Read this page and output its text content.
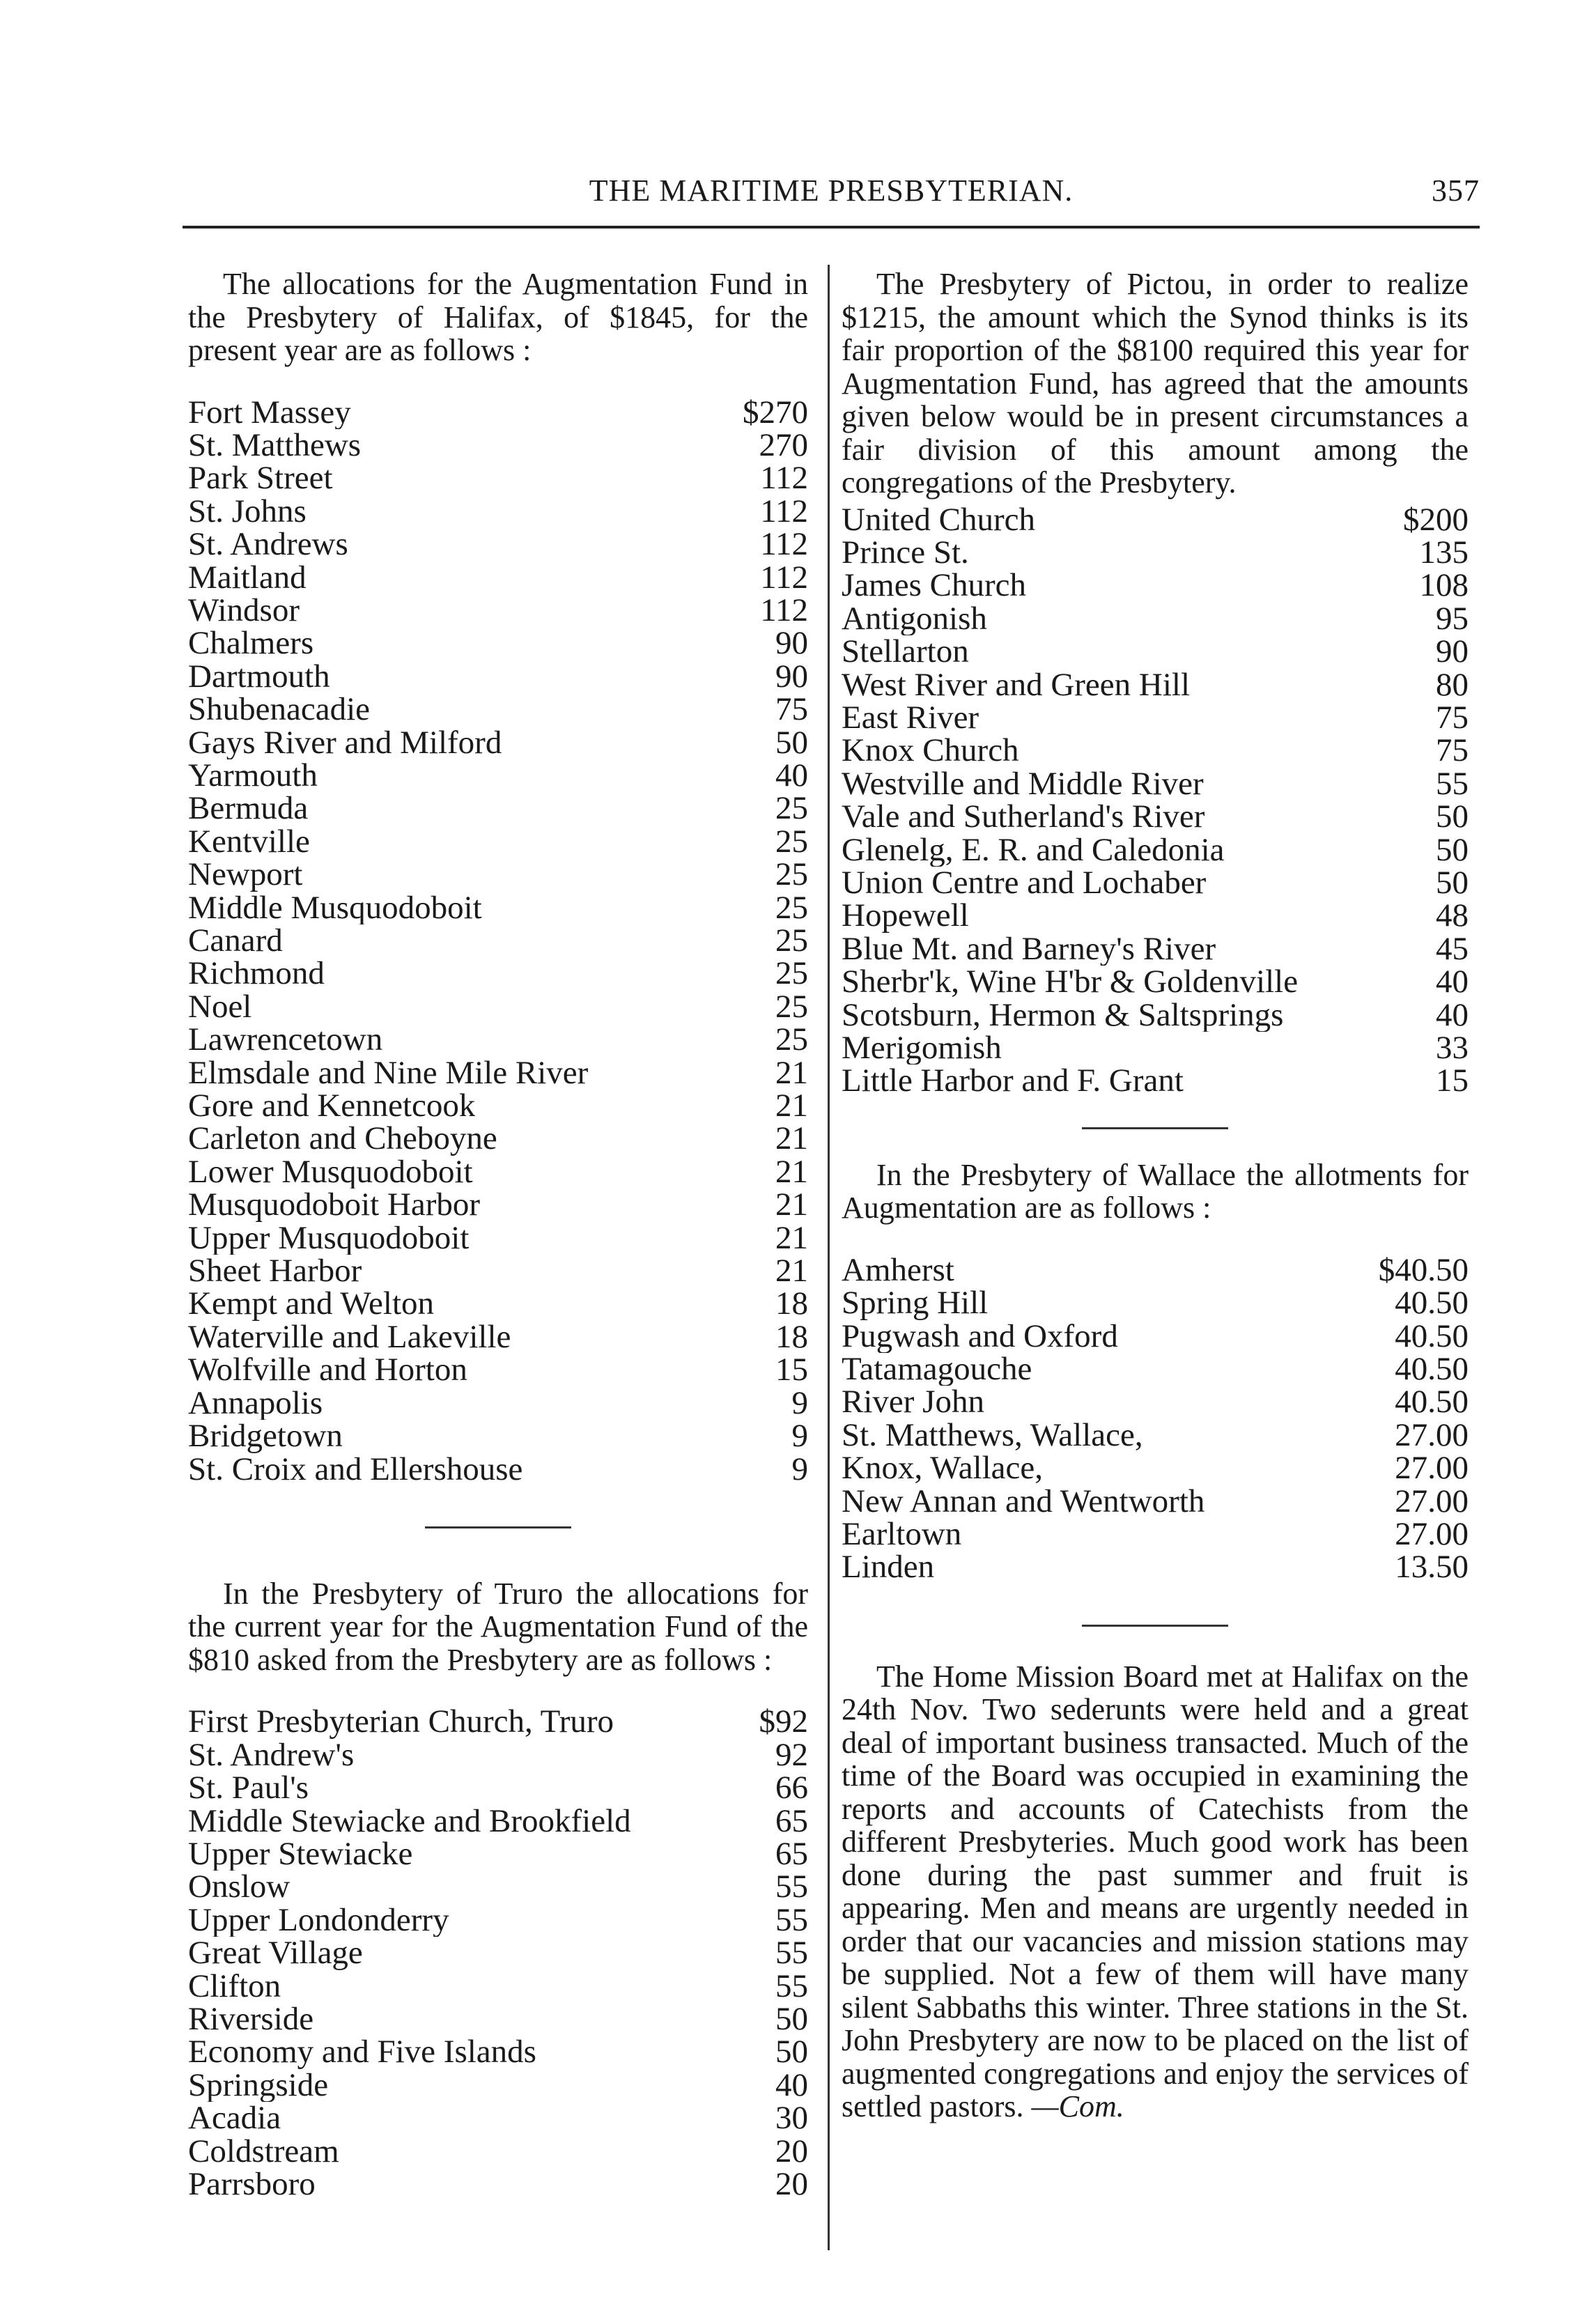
THE MARITIME PRESBYTERIAN.	357

The allocations for the Augmentation Fund in the Presbytery of Halifax, of $1845, for the present year are as follows :

Fort Massey	$270
St. Matthews	270
Park Street	112
St. Johns	112
St. Andrews	112
Maitland	112
Windsor	112
Chalmers	90
Dartmouth	90
Shubenacadie	75
Gays River and Milford	50
Yarmouth	40
Bermuda	25
Kentville	25
Newport	25
Middle Musquodoboit	25
Canard	25
Richmond	25
Noel	25
Lawrencetown	25
Elmsdale and Nine Mile River	21
Gore and Kennetcook	21
Carleton and Cheboyne	21
Lower Musquodoboit	21
Musquodoboit Harbor	21
Upper Musquodoboit	21
Sheet Harbor	21
Kempt and Welton	18
Waterville and Lakeville	18
Wolfville and Horton	15
Annapolis	9
Bridgetown	9
St. Croix and Ellershouse	9

In the Presbytery of Truro the allocations for the current year for the Augmentation Fund of the $810 asked from the Presbytery are as follows :

First Presbyterian Church, Truro	$92
St. Andrew's	92
St. Paul's	66
Middle Stewiacke and Brookfield	65
Upper Stewiacke	65
Onslow	55
Upper Londonderry	55
Great Village	55
Clifton	55
Riverside	50
Economy and Five Islands	50
Springside	40
Acadia	30
Coldstream	20
Parrsboro	20

The Presbytery of Pictou, in order to realize $1215, the amount which the Synod thinks is its fair proportion of the $8100 required this year for Augmentation Fund, has agreed that the amounts given below would be in present circumstances a fair division of this amount among the congregations of the Presbytery.

United Church	$200
Prince St.	135
James Church	108
Antigonish	95
Stellarton	90
West River and Green Hill	80
East River	75
Knox Church	75
Westville and Middle River	55
Vale and Sutherland's River	50
Glenelg, E. R. and Caledonia	50
Union Centre and Lochaber	50
Hopewell	48
Blue Mt. and Barney's River	45
Sherbr'k, Wine H'br & Goldenville	40
Scotsburn, Hermon & Saltsprings	40
Merigomish	33
Little Harbor and F. Grant	15

In the Presbytery of Wallace the allotments for Augmentation are as follows :

Amherst	$40.50
Spring Hill	40.50
Pugwash and Oxford	40.50
Tatamagouche	40.50
River John	40.50
St. Matthews, Wallace,	27.00
Knox, Wallace,	27.00
New Annan and Wentworth	27.00
Earltown	27.00
Linden	13.50

The Home Mission Board met at Halifax on the 24th Nov. Two sederunts were held and a great deal of important business transacted. Much of the time of the Board was occupied in examining the reports and accounts of Catechists from the different Presbyteries. Much good work has been done during the past summer and fruit is appearing. Men and means are urgently needed in order that our vacancies and mission stations may be supplied. Not a few of them will have many silent Sabbaths this winter. Three stations in the St. John Presbytery are now to be placed on the list of augmented congregations and enjoy the services of settled pastors. —Com.
